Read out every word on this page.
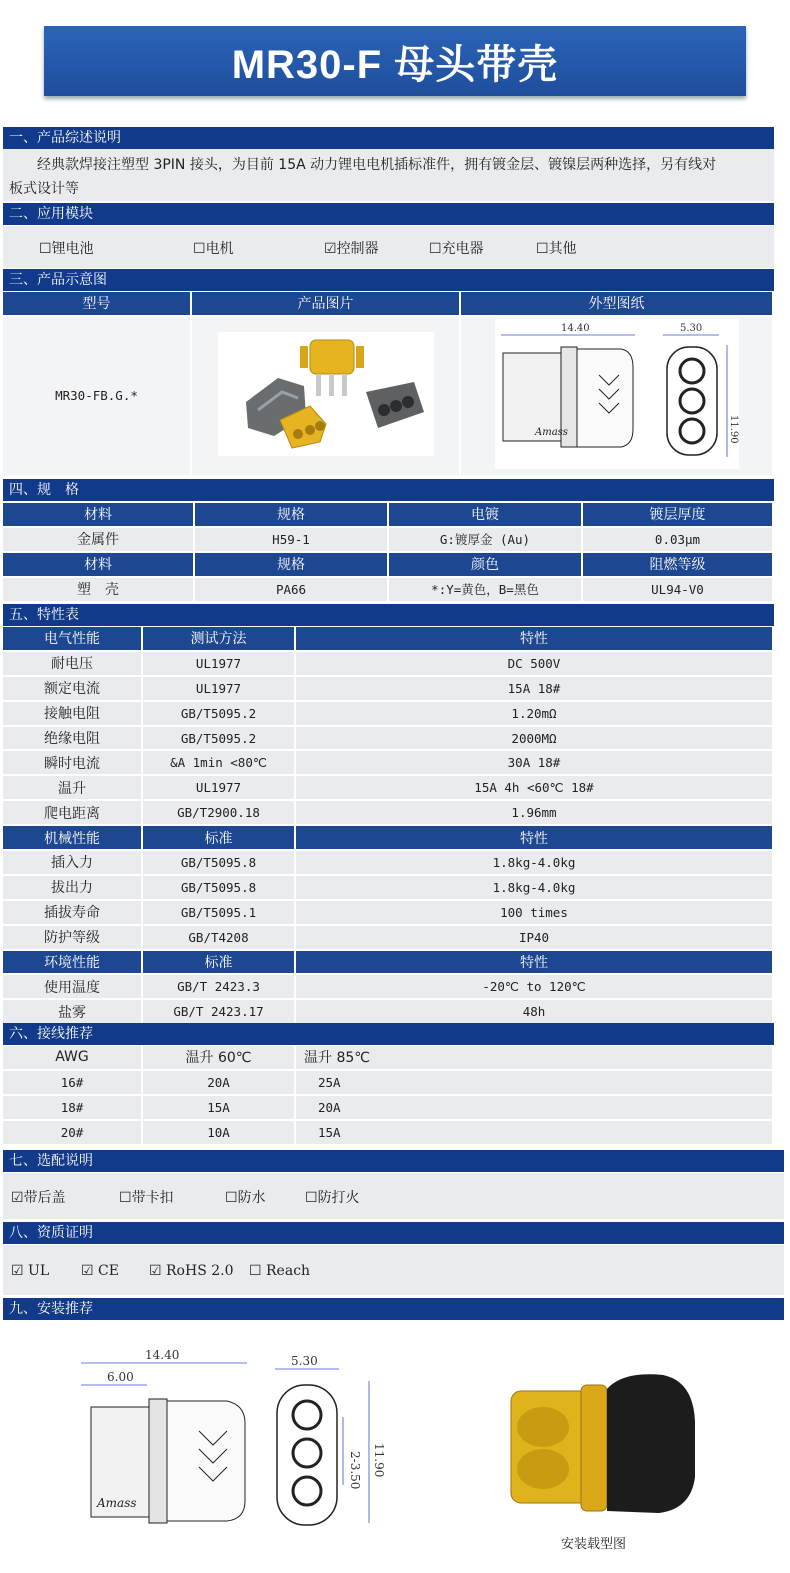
MR30-F 母头带壳
一、产品综述说明
经典款焊接注塑型 3PIN 接头，为目前 15A 动力锂电电机插标准件，拥有镀金层、镀镍层两种选择，另有线对
板式设计等
二、应用模块
☐锂电池	☐电机	☑控制器	☐充电器	☐其他
三、产品示意图
型号	产品图片	外型图纸
MR30-FB.G.*		14.40 5.30
11.90
Amass
四、规　格
材料	规格	电镀	镀层厚度
金属件	H59-1	G:镀厚金 (Au)	0.03μm
材料	规格	颜色	阻燃等级
塑　壳	PA66	*:Y=黄色，B=黑色	UL94-V0
五、特性表
电气性能	测试方法	特性
耐电压	UL1977	DC 500V
额定电流	UL1977	15A 18#
接触电阻	GB/T5095.2	1.20mΩ
绝缘电阻	GB/T5095.2	2000MΩ
瞬时电流	&A 1min <80℃	30A 18#
温升	UL1977	15A 4h <60℃ 18#
爬电距离	GB/T2900.18	1.96mm
机械性能	标准	特性
插入力	GB/T5095.8	1.8kg-4.0kg
拔出力	GB/T5095.8	1.8kg-4.0kg
插拔寿命	GB/T5095.1	100 times
防护等级	GB/T4208	IP40
环境性能	标准	特性
使用温度	GB/T 2423.3	-20℃ to 120℃
盐雾	GB/T 2423.17	48h
六、接线推荐
AWG	温升 60℃	温升 85℃
16#	20A	25A
18#	15A	20A
20#	10A	15A
七、选配说明
☑带后盖	☐带卡扣	☐防水	☐防打火
八、资质证明
☑ UL ☑ CE ☑ RoHS 2.0 ☐ Reach
九、安装推荐
14.40
6.00
5.30
11.90
2-3.50
Amass
安装载型图
